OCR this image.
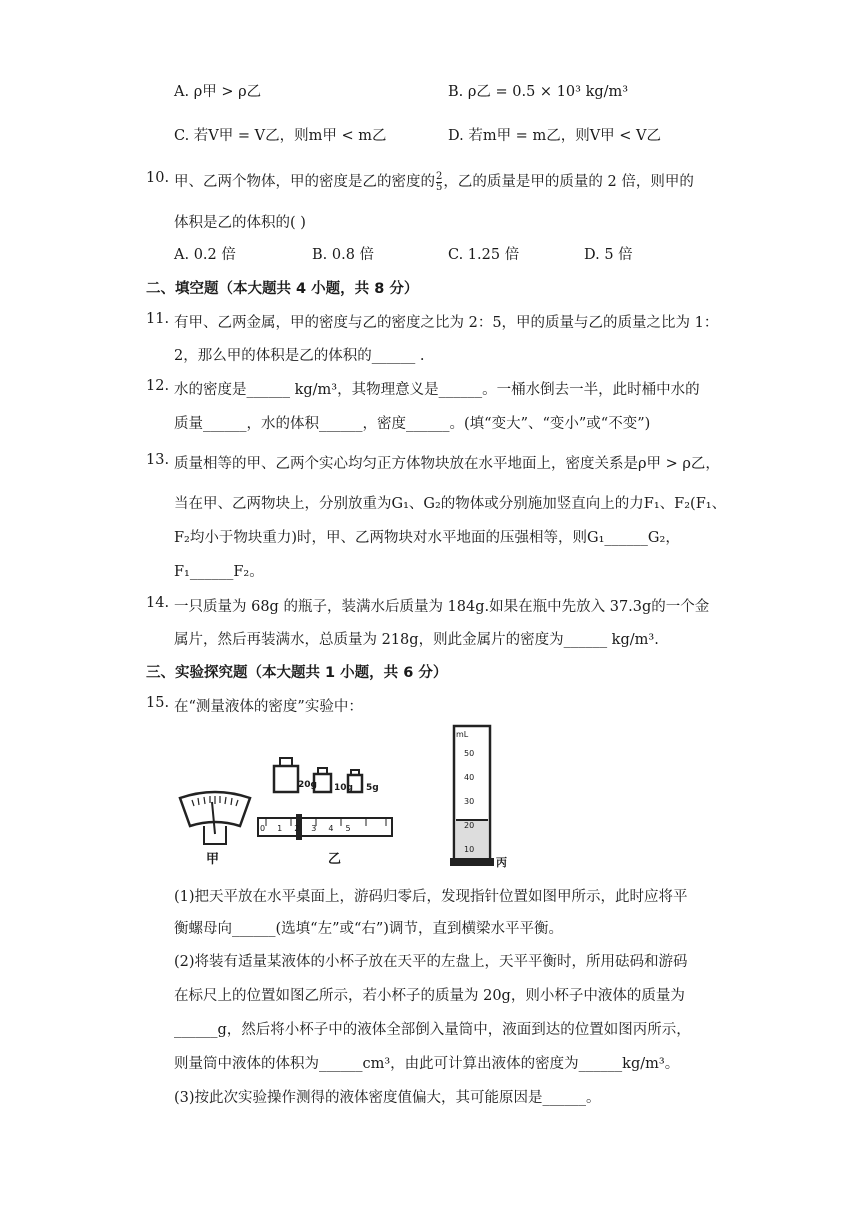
A. ρ甲 > ρ乙	B. ρ乙 = 0.5 × 10³ kg/m³
C. 若V甲 = V乙，则m甲 < m乙	D. 若m甲 = m乙，则V甲 < V乙
10. 甲、乙两个物体，甲的密度是乙的密度的 $\frac{2}{5}$ ，乙的质量是甲的质量的 2 倍，则甲的
体积是乙的体积的( )
A. 0.2 倍	B. 0.8 倍	C. 1.25 倍	D. 5 倍
二、填空题（本大题共 4 小题，共 8 分）
11. 有甲、乙两金属，甲的密度与乙的密度之比为 2：5，甲的质量与乙的质量之比为 1：
2，那么甲的体积是乙的体积的______ .
12. 水的密度是______ kg/m³，其物理意义是______。一桶水倒去一半，此时桶中水的
质量______，水的体积______，密度______。(填“变大”、“变小”或“不变”)
13. 质量相等的甲、乙两个实心均匀正方体物块放在水平地面上，密度关系是ρ甲 > ρ乙，
当在甲、乙两物块上，分别放重为G₁、G₂的物体或分别施加竖直向上的力F₁、F₂(F₁、
F₂均小于物块重力)时，甲、乙两物块对水平地面的压强相等，则G₁______G₂，
F₁______F₂。
14. 一只质量为 68g 的瓶子，装满水后质量为 184g.如果在瓶中先放入 37.3g的一个金
属片，然后再装满水，总质量为 218g，则此金属片的密度为______ kg/m³.
三、实验探究题（本大题共 1 小题，共 6 分）
15. 在“测量液体的密度”实验中：
甲
20g 10g 5g
012345
乙
mL
50
40
30
20
10
丙
(1)把天平放在水平桌面上，游码归零后，发现指针位置如图甲所示，此时应将平
衡螺母向______(选填“左”或“右”)调节，直到横梁水平平衡。
(2)将装有适量某液体的小杯子放在天平的左盘上，天平平衡时，所用砝码和游码
在标尺上的位置如图乙所示，若小杯子的质量为 20g，则小杯子中液体的质量为
______g，然后将小杯子中的液体全部倒入量筒中，液面到达的位置如图丙所示，
则量筒中液体的体积为______cm³，由此可计算出液体的密度为______kg/m³。
(3)按此次实验操作测得的液体密度值偏大，其可能原因是______。
